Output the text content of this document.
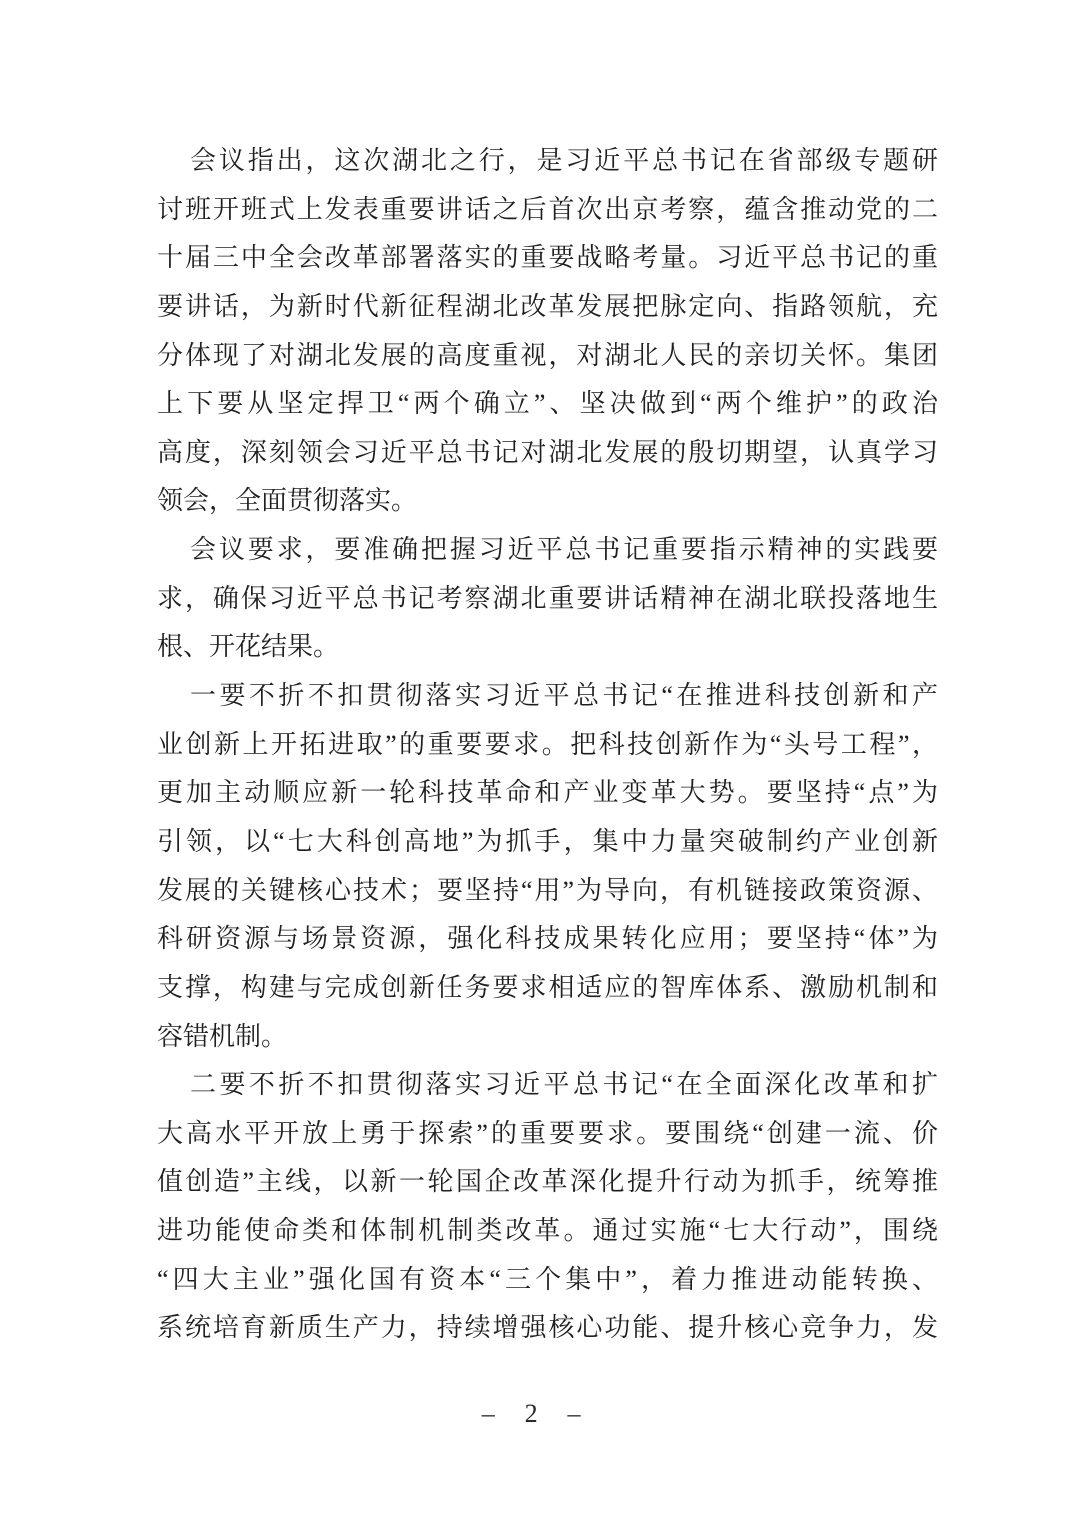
会议指出，这次湖北之行，是习近平总书记在省部级专题研
讨班开班式上发表重要讲话之后首次出京考察，蕴含推动党的二
十届三中全会改革部署落实的重要战略考量。习近平总书记的重
要讲话，为新时代新征程湖北改革发展把脉定向、指路领航，充
分体现了对湖北发展的高度重视，对湖北人民的亲切关怀。集团
上下要从坚定捍卫“两个确立”、坚决做到“两个维护”的政治
高度，深刻领会习近平总书记对湖北发展的殷切期望，认真学习
领会，全面贯彻落实。
会议要求，要准确把握习近平总书记重要指示精神的实践要
求，确保习近平总书记考察湖北重要讲话精神在湖北联投落地生
根、开花结果。
一要不折不扣贯彻落实习近平总书记“在推进科技创新和产
业创新上开拓进取”的重要要求。把科技创新作为“头号工程”，
更加主动顺应新一轮科技革命和产业变革大势。要坚持“点”为
引领，以“七大科创高地”为抓手，集中力量突破制约产业创新
发展的关键核心技术；要坚持“用”为导向，有机链接政策资源、
科研资源与场景资源，强化科技成果转化应用；要坚持“体”为
支撑，构建与完成创新任务要求相适应的智库体系、激励机制和
容错机制。
二要不折不扣贯彻落实习近平总书记“在全面深化改革和扩
大高水平开放上勇于探索”的重要要求。要围绕“创建一流、价
值创造”主线，以新一轮国企改革深化提升行动为抓手，统筹推
进功能使命类和体制机制类改革。通过实施“七大行动”，围绕
“四大主业”强化国有资本“三个集中”，着力推进动能转换、
系统培育新质生产力，持续增强核心功能、提升核心竞争力，发
– 2 –
